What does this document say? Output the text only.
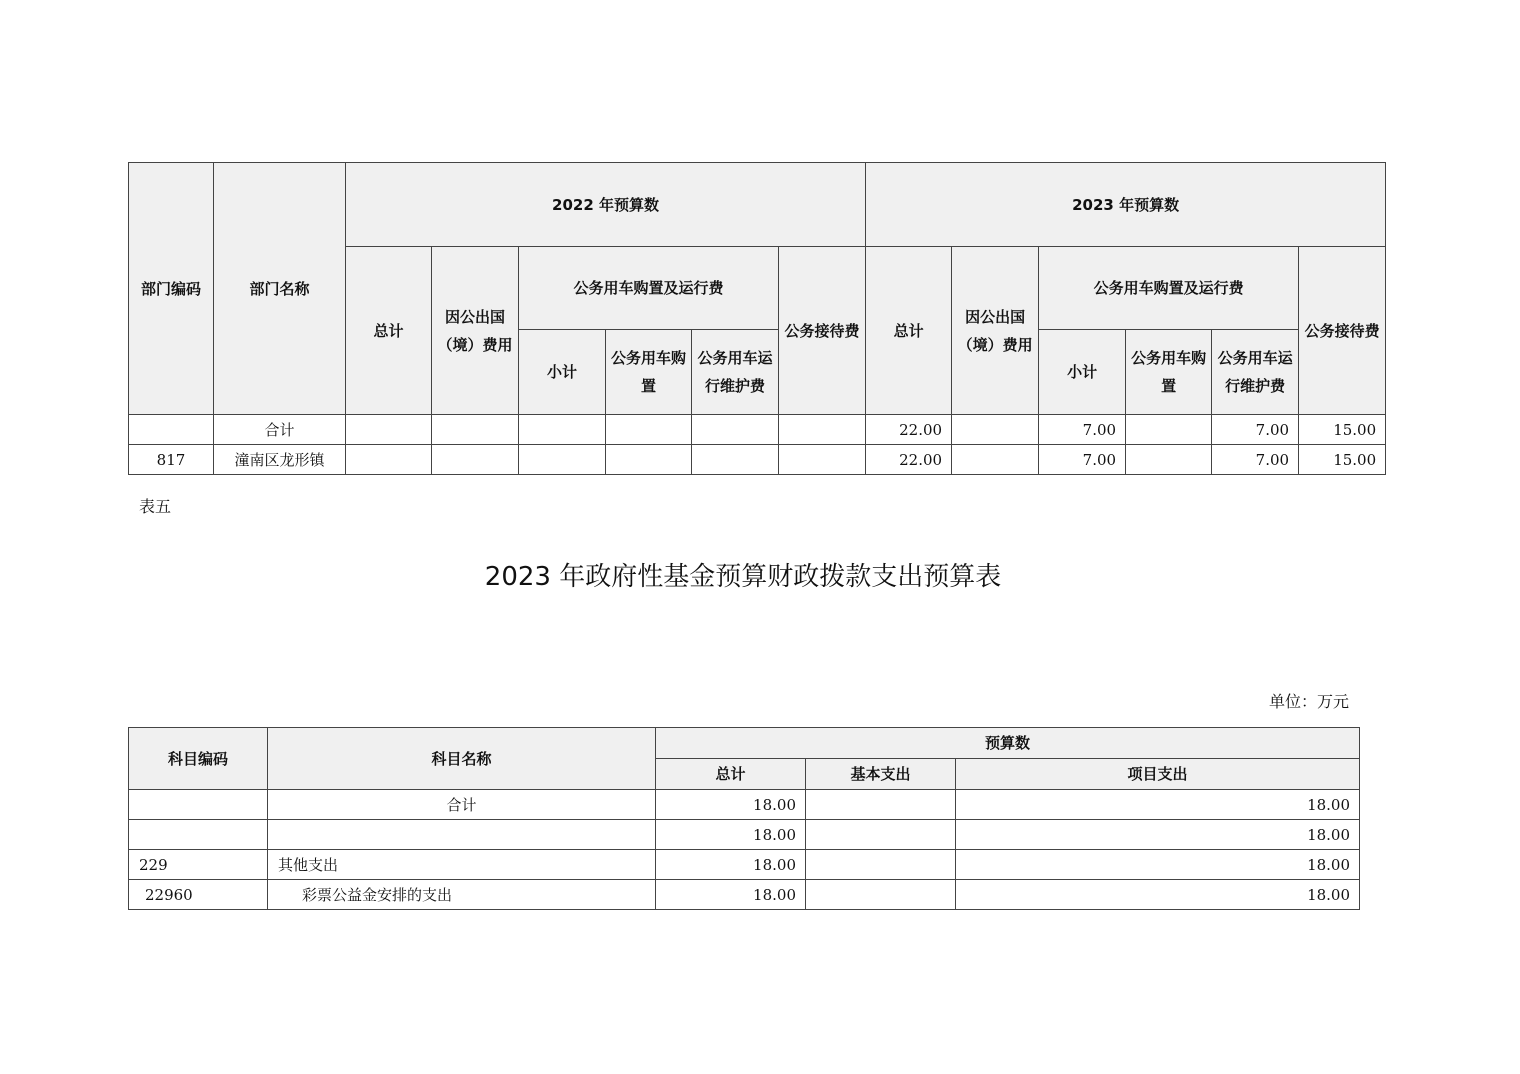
部门编码	部门名称	2022 年预算数						2023 年预算数					
		总计	因公出国（境）费用	公务用车购置及运行费			公务接待费	总计	因公出国（境）费用	公务用车购置及运行费			公务接待费
				小计	公务用车购置	公务用车运行维护费				小计	公务用车购置	公务用车运行维护费	
	合计							22.00		7.00		7.00	15.00
817	潼南区龙形镇							22.00		7.00		7.00	15.00
表五
2023 年政府性基金预算财政拨款支出预算表
单位：万元
科目编码	科目名称	预算数		
		总计	基本支出	项目支出
	合计	18.00		18.00
		18.00		18.00
229	其他支出	18.00		18.00
22960	彩票公益金安排的支出	18.00		18.00
